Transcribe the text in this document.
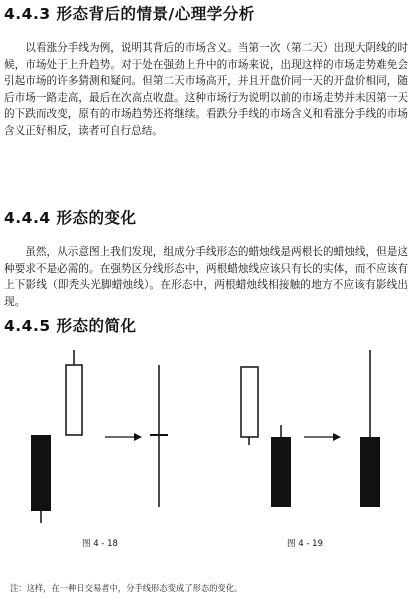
4.4.3 形态背后的情景/心理学分析

以看涨分手线为例，说明其背后的市场含义。当第一次（第二天）出现大阴线的时候，市场处于上升趋势。对于处在强劲上升中的市场来说，出现这样的市场走势难免会引起市场的许多猜测和疑问。但第二天市场高开，并且开盘价同一天的开盘价相同，随后市场一路走高，最后在次高点收盘。这种市场行为说明以前的市场走势并未因第一天的下跌而改变，原有的市场趋势还将继续。看跌分手线的市场含义和看涨分手线的市场含义正好相反，读者可自行总结。

4.4.4 形态的变化

虽然，从示意图上我们发现，组成分手线形态的蜡烛线是两根长的蜡烛线，但是这种要求不是必需的。在强势区分线形态中，两根蜡烛线应该只有长的实体，而不应该有上下影线（即秃头光脚蜡烛线）。在形态中，两根蜡烛线相接触的地方不应该有影线出现。

4.4.5 形态的简化
图 4 - 18	图 4 - 19
注：这样，在一种日交易者中，分手线形态变成了形态的变化。
